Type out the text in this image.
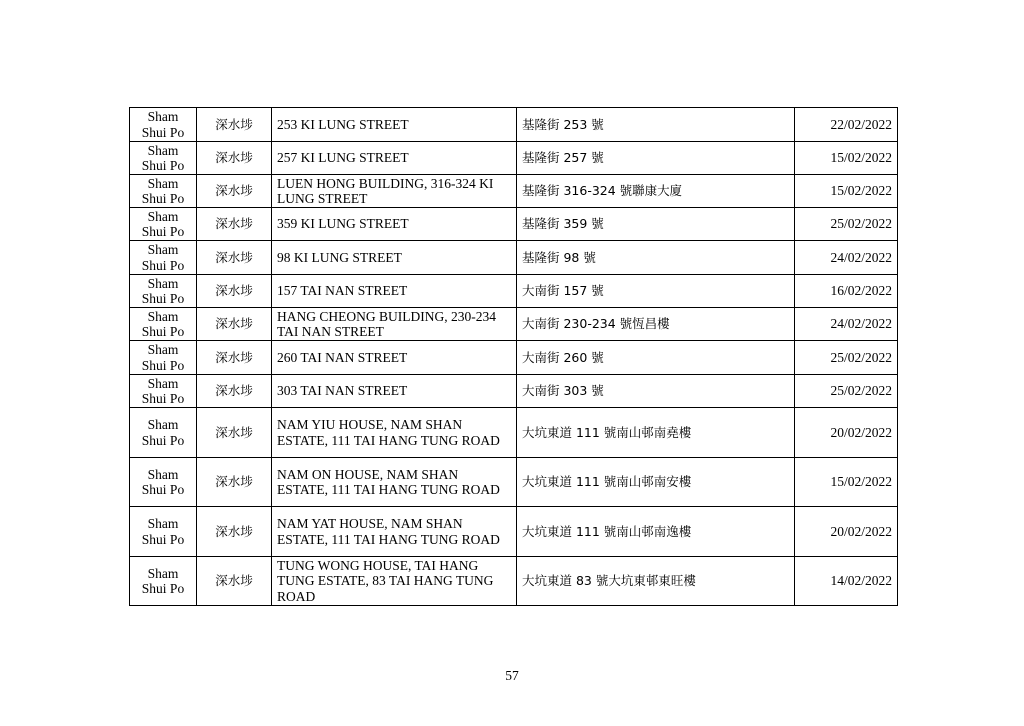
Sham Shui Po	深水埗	253 KI LUNG STREET	基隆街 253 號	22/02/2022
Sham Shui Po	深水埗	257 KI LUNG STREET	基隆街 257 號	15/02/2022
Sham Shui Po	深水埗	LUEN HONG BUILDING, 316-324 KI LUNG STREET	基隆街 316-324 號聯康大廈	15/02/2022
Sham Shui Po	深水埗	359 KI LUNG STREET	基隆街 359 號	25/02/2022
Sham Shui Po	深水埗	98 KI LUNG STREET	基隆街 98 號	24/02/2022
Sham Shui Po	深水埗	157 TAI NAN STREET	大南街 157 號	16/02/2022
Sham Shui Po	深水埗	HANG CHEONG BUILDING, 230-234 TAI NAN STREET	大南街 230-234 號恆昌樓	24/02/2022
Sham Shui Po	深水埗	260 TAI NAN STREET	大南街 260 號	25/02/2022
Sham Shui Po	深水埗	303 TAI NAN STREET	大南街 303 號	25/02/2022
Sham Shui Po	深水埗	NAM YIU HOUSE, NAM SHAN ESTATE, 111 TAI HANG TUNG ROAD	大坑東道 111 號南山邨南堯樓	20/02/2022
Sham Shui Po	深水埗	NAM ON HOUSE, NAM SHAN ESTATE, 111 TAI HANG TUNG ROAD	大坑東道 111 號南山邨南安樓	15/02/2022
Sham Shui Po	深水埗	NAM YAT HOUSE, NAM SHAN ESTATE, 111 TAI HANG TUNG ROAD	大坑東道 111 號南山邨南逸樓	20/02/2022
Sham Shui Po	深水埗	TUNG WONG HOUSE, TAI HANG TUNG ESTATE, 83 TAI HANG TUNG ROAD	大坑東道 83 號大坑東邨東旺樓	14/02/2022
57
